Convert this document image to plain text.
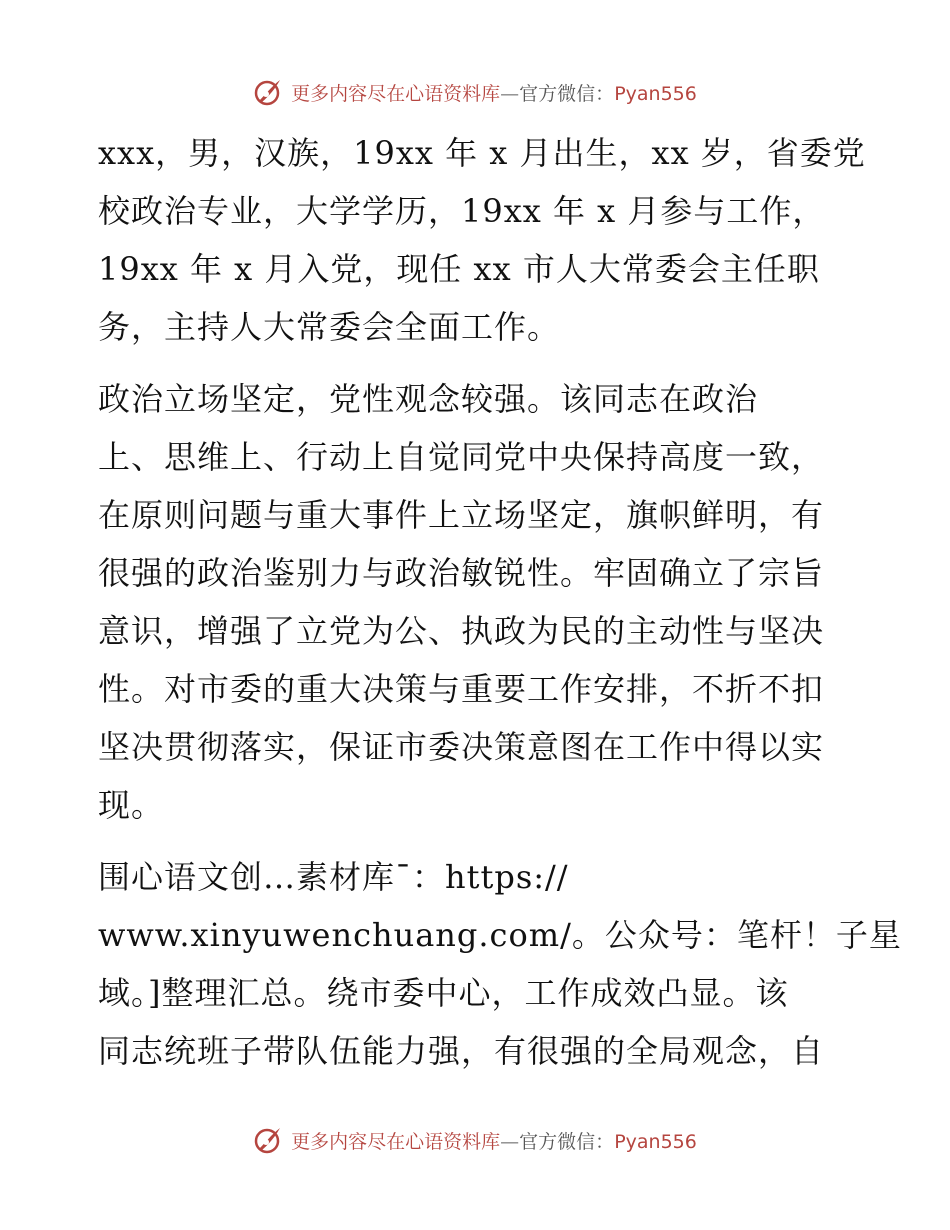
更多内容尽在心语资料库—官方微信：Pyan556
xxx，男，汉族，19xx 年 x 月出生，xx 岁，省委党
校政治专业，大学学历，19xx 年 x 月参与工作，
19xx 年 x 月入党，现任 xx 市人大常委会主任职
务，主持人大常委会全面工作。
政治立场坚定，党性观念较强。该同志在政治
上、思维上、行动上自觉同党中央保持高度一致，
在原则问题与重大事件上立场坚定，旗帜鲜明，有
很强的政治鉴别力与政治敏锐性。牢固确立了宗旨
意识，增强了立党为公、执政为民的主动性与坚决
性。对市委的重大决策与重要工作安排，不折不扣
坚决贯彻落实，保证市委决策意图在工作中得以实
现。
围心语文创…素材库¯：https://
www.xinyuwenchuang.com/。公众号：笔杆！子星
域。]整理汇总。绕市委中心，工作成效凸显。该
同志统班子带队伍能力强，有很强的全局观念，自
更多内容尽在心语资料库—官方微信：Pyan556
